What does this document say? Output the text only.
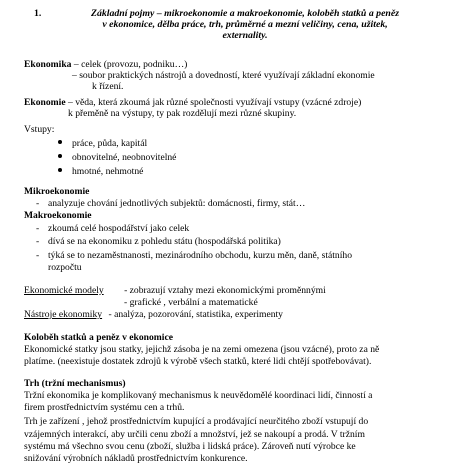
1.	Základní pojmy – mikroekonomie a makroekonomie, koloběh statků a peněz
v ekonomice, dělba práce, trh, průměrné a mezní veličiny, cena, užitek,
externality.
Ekonomika – celek (provozu, podniku…)
– soubor praktických nástrojů a dovedností, které využívají základní ekonomie
k řízení.
Ekonomie – věda, která zkoumá jak různé společnosti využívají vstupy (vzácné zdroje)
k přeměně na výstupy, ty pak rozdělují mezi různé skupiny.
Vstupy:
práce, půda, kapitál
obnovitelné, neobnovitelné
hmotné, nehmotné
Mikroekonomie
- analyzuje chování jednotlivých subjektů: domácnosti, firmy, stát…
Makroekonomie
- zkoumá celé hospodářství jako celek
- dívá se na ekonomiku z pohledu státu (hospodářská politika)
- týká se to nezaměstnanosti, mezinárodního obchodu, kurzu měn, daně, státního
rozpočtu
Ekonomické modely - zobrazují vztahy mezi ekonomickými proměnnými
- grafické , verbální a matematické
Nástroje ekonomiky - analýza, pozorování, statistika, experimenty
Koloběh statků a peněz v ekonomice
Ekonomické statky jsou statky, jejichž zásoba je na zemi omezena (jsou vzácné), proto za ně
platíme. (neexistuje dostatek zdrojů k výrobě všech statků, které lidi chtějí spotřebovávat).
Trh (tržní mechanismus)
Tržní ekonomika je komplikovaný mechanismus k neuvědomělé koordinaci lidí, činností a
firem prostřednictvím systému cen a trhů.
Trh je zařízení , jehož prostřednictvím kupující a prodávající neurčitého zboží vstupují do
vzájemných interakcí, aby určili cenu zboží a množství, jež se nakoupí a prodá. V tržním
systému má všechno svou cenu (zboží, služba i lidská práce). Zároveň nutí výrobce ke
snižování výrobních nákladů prostřednictvím konkurence.
